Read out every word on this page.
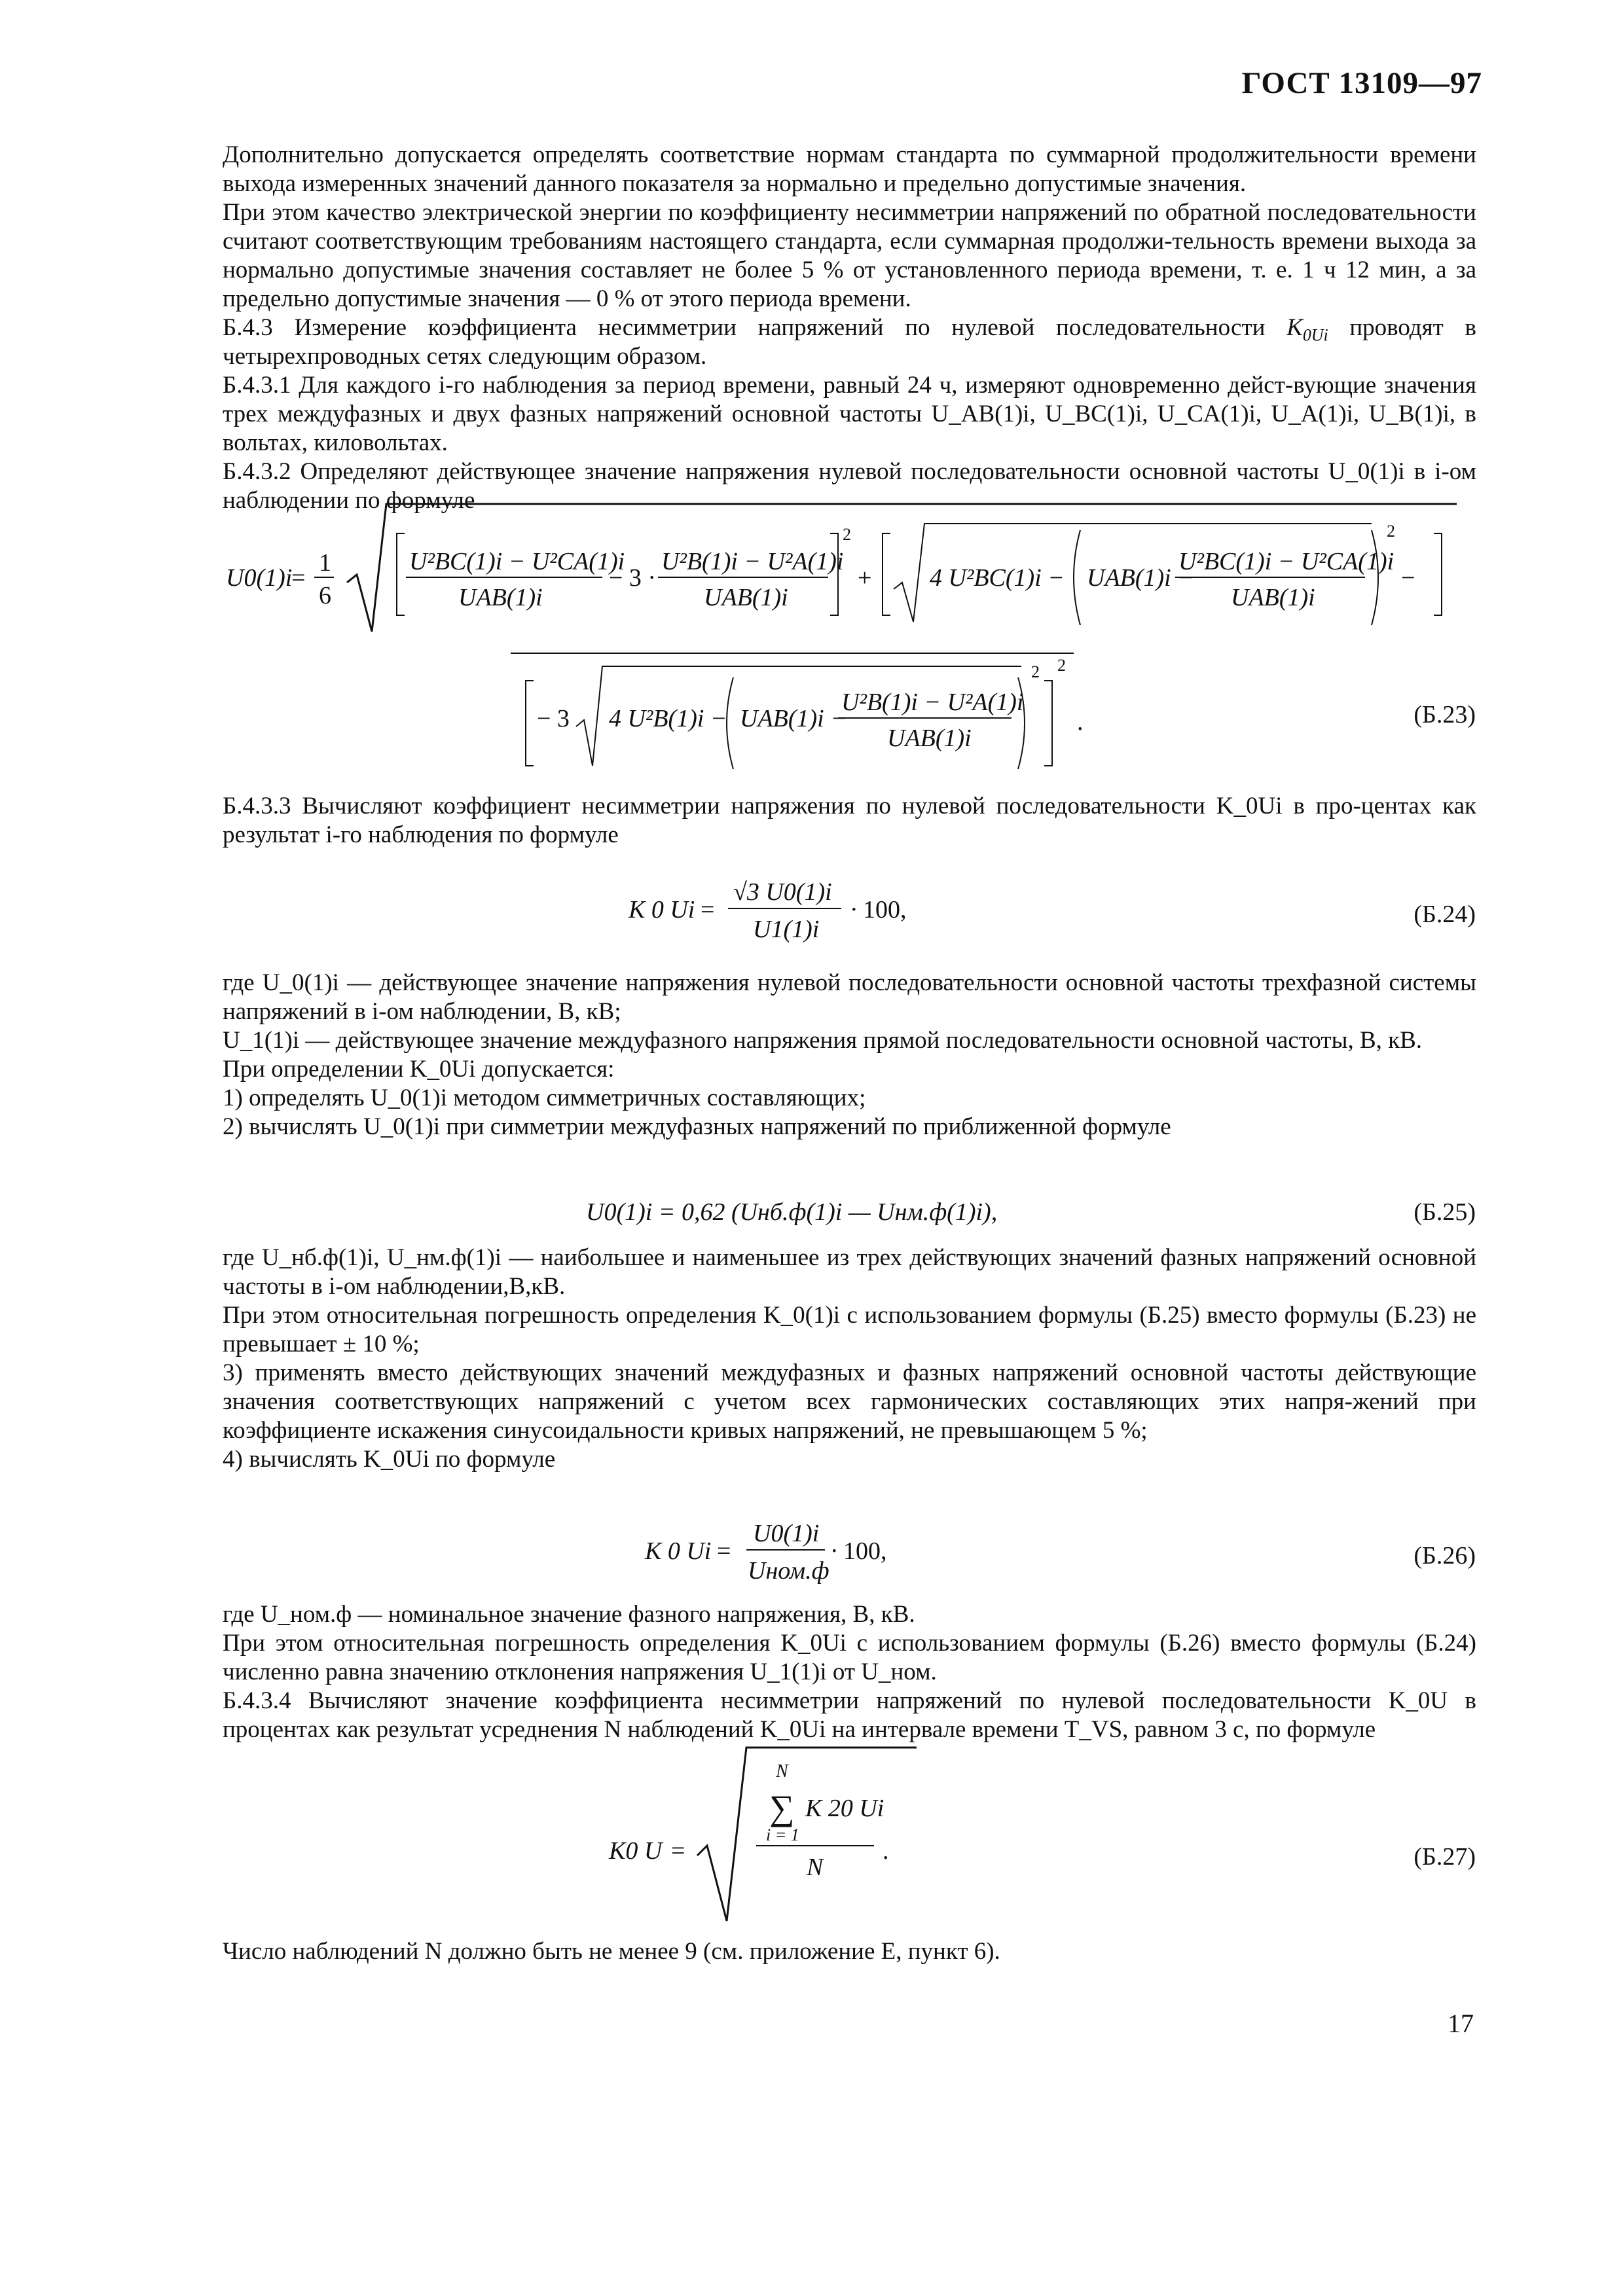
ГОСТ 13109—97

Дополнительно допускается определять соответствие нормам стандарта по суммарной продолжительности времени выхода измеренных значений данного показателя за нормально и предельно допустимые значения.

При этом качество электрической энергии по коэффициенту несимметрии напряжений по обратной последовательности считают соответствующим требованиям настоящего стандарта, если суммарная продолжи-тельность времени выхода за нормально допустимые значения составляет не более 5 % от установленного периода времени, т. е. 1 ч 12 мин, а за предельно допустимые значения — 0 % от этого периода времени.

Б.4.3 Измерение коэффициента несимметрии напряжений по нулевой последовательности $K_{0Ui}$ проводят в четырехпроводных сетях следующим образом.

Б.4.3.1 Для каждого i-го наблюдения за период времени, равный 24 ч, измеряют одновременно дейст-вующие значения трех междуфазных и двух фазных напряжений основной частоты U_AB(1)i, U_BC(1)i, U_CA(1)i, U_A(1)i, U_B(1)i, в вольтах, киловольтах.

Б.4.3.2 Определяют действующее значение напряжения нулевой последовательности основной частоты U_0(1)i в i-ом наблюдении по формуле

U0(1)i
=
1
6
U²BC(1)i − U²CA(1)i
UAB(1)i
− 3 ·
U²B(1)i − U²A(1)i
UAB(1)i
2
+ 4 U²BC(1)i − UAB(1)i −
U²BC(1)i − U²CA(1)i
UAB(1)i
2
−
− 3 4 U²B(1)i − UAB(1)i −
U²B(1)i − U²A(1)i
UAB(1)i
2 2
.	(Б.23)

Б.4.3.3 Вычисляют коэффициент несимметрии напряжения по нулевой последовательности K_0Ui в про-центах как результат i-го наблюдения по формуле

K 0 Ui =
√3 U0(1)i
U1(1)i
· 100,	(Б.24)

где U_0(1)i — действующее значение напряжения нулевой последовательности основной частоты трехфазной системы напряжений в i-ом наблюдении, В, кВ;

U_1(1)i — действующее значение междуфазного напряжения прямой последовательности основной частоты, В, кВ.

При определении K_0Ui допускается:

1) определять U_0(1)i методом симметричных составляющих;

2) вычислять U_0(1)i при симметрии междуфазных напряжений по приближенной формуле

U0(1)i = 0,62 (Uнб.ф(1)i — Uнм.ф(1)i),	(Б.25)

где U_нб.ф(1)i, U_нм.ф(1)i — наибольшее и наименьшее из трех действующих значений фазных напряжений основной частоты в i-ом наблюдении,В,кВ.

При этом относительная погрешность определения K_0(1)i с использованием формулы (Б.25) вместо формулы (Б.23) не превышает ± 10 %;

3) применять вместо действующих значений междуфазных и фазных напряжений основной частоты действующие значения соответствующих напряжений с учетом всех гармонических составляющих этих напря-жений при коэффициенте искажения синусоидальности кривых напряжений, не превышающем 5 %;

4) вычислять K_0Ui по формуле

K 0 Ui =
U0(1)i
Uном.ф
· 100,	(Б.26)

где U_ном.ф — номинальное значение фазного напряжения, В, кВ.

При этом относительная погрешность определения K_0Ui с использованием формулы (Б.26) вместо формулы (Б.24) численно равна значению отклонения напряжения U_1(1)i от U_ном.

Б.4.3.4 Вычисляют значение коэффициента несимметрии напряжений по нулевой последовательности K_0U в процентах как результат усреднения N наблюдений K_0Ui на интервале времени T_VS, равном 3 с, по формуле

K0 U =
N
∑ K 20 Ui
i = 1
N
.	(Б.27)

Число наблюдений N должно быть не менее 9 (см. приложение Е, пункт 6).

17
